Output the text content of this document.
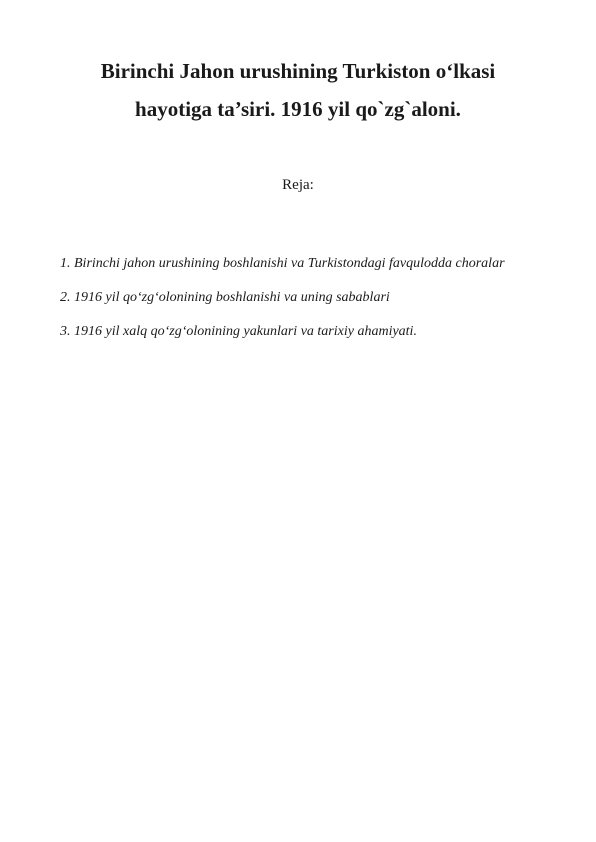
Birinchi Jahon urushining Turkiston o‘lkasi
hayotiga ta’siri. 1916 yil qo`zg`aloni.

Reja:

1. Birinchi jahon urushining boshlanishi va Turkistondagi favqulodda choralar
2. 1916 yil qo‘zg‘olonining boshlanishi va uning sabablari
3. 1916 yil xalq qo‘zg‘olonining yakunlari va tarixiy ahamiyati.
